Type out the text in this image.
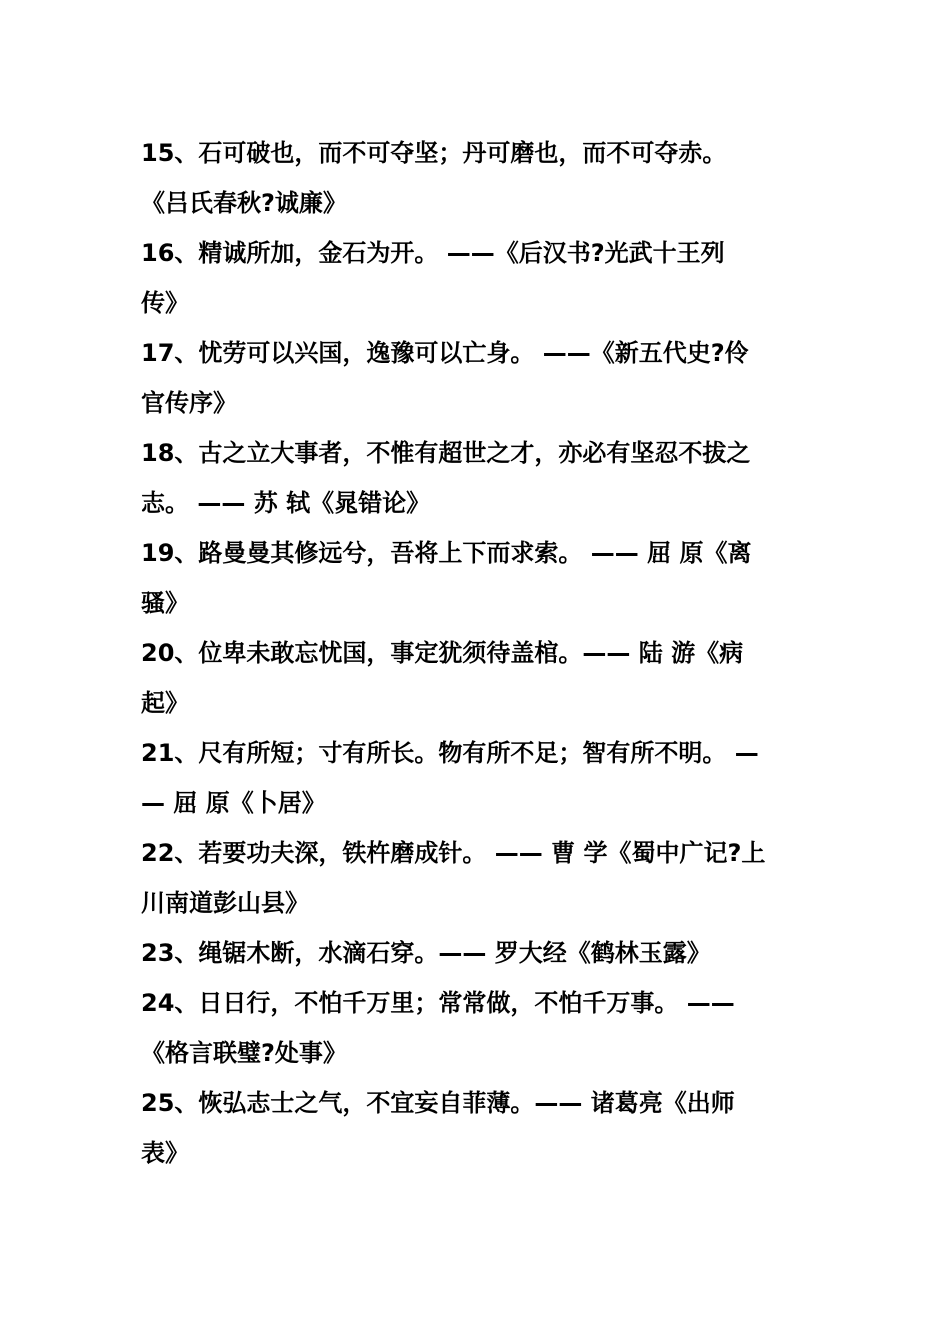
15、石可破也，而不可夺坚；丹可磨也，而不可夺赤。
《吕氏春秋?诚廉》
16、精诚所加，金石为开。 ——《后汉书?光武十王列
传》
17、忧劳可以兴国，逸豫可以亡身。 ——《新五代史?伶
官传序》
18、古之立大事者，不惟有超世之才，亦必有坚忍不拔之
志。 —— 苏 轼《晁错论》
19、路曼曼其修远兮，吾将上下而求索。 —— 屈 原《离
骚》
20、位卑未敢忘忧国，事定犹须待盖棺。—— 陆 游《病
起》
21、尺有所短；寸有所长。物有所不足；智有所不明。 —
— 屈 原《卜居》
22、若要功夫深，铁杵磨成针。 —— 曹 学《蜀中广记?上
川南道彭山县》
23、绳锯木断，水滴石穿。—— 罗大经《鹤林玉露》
24、日日行，不怕千万里；常常做，不怕千万事。 ——
《格言联璧?处事》
25、恢弘志士之气，不宜妄自菲薄。—— 诸葛亮《出师
表》
